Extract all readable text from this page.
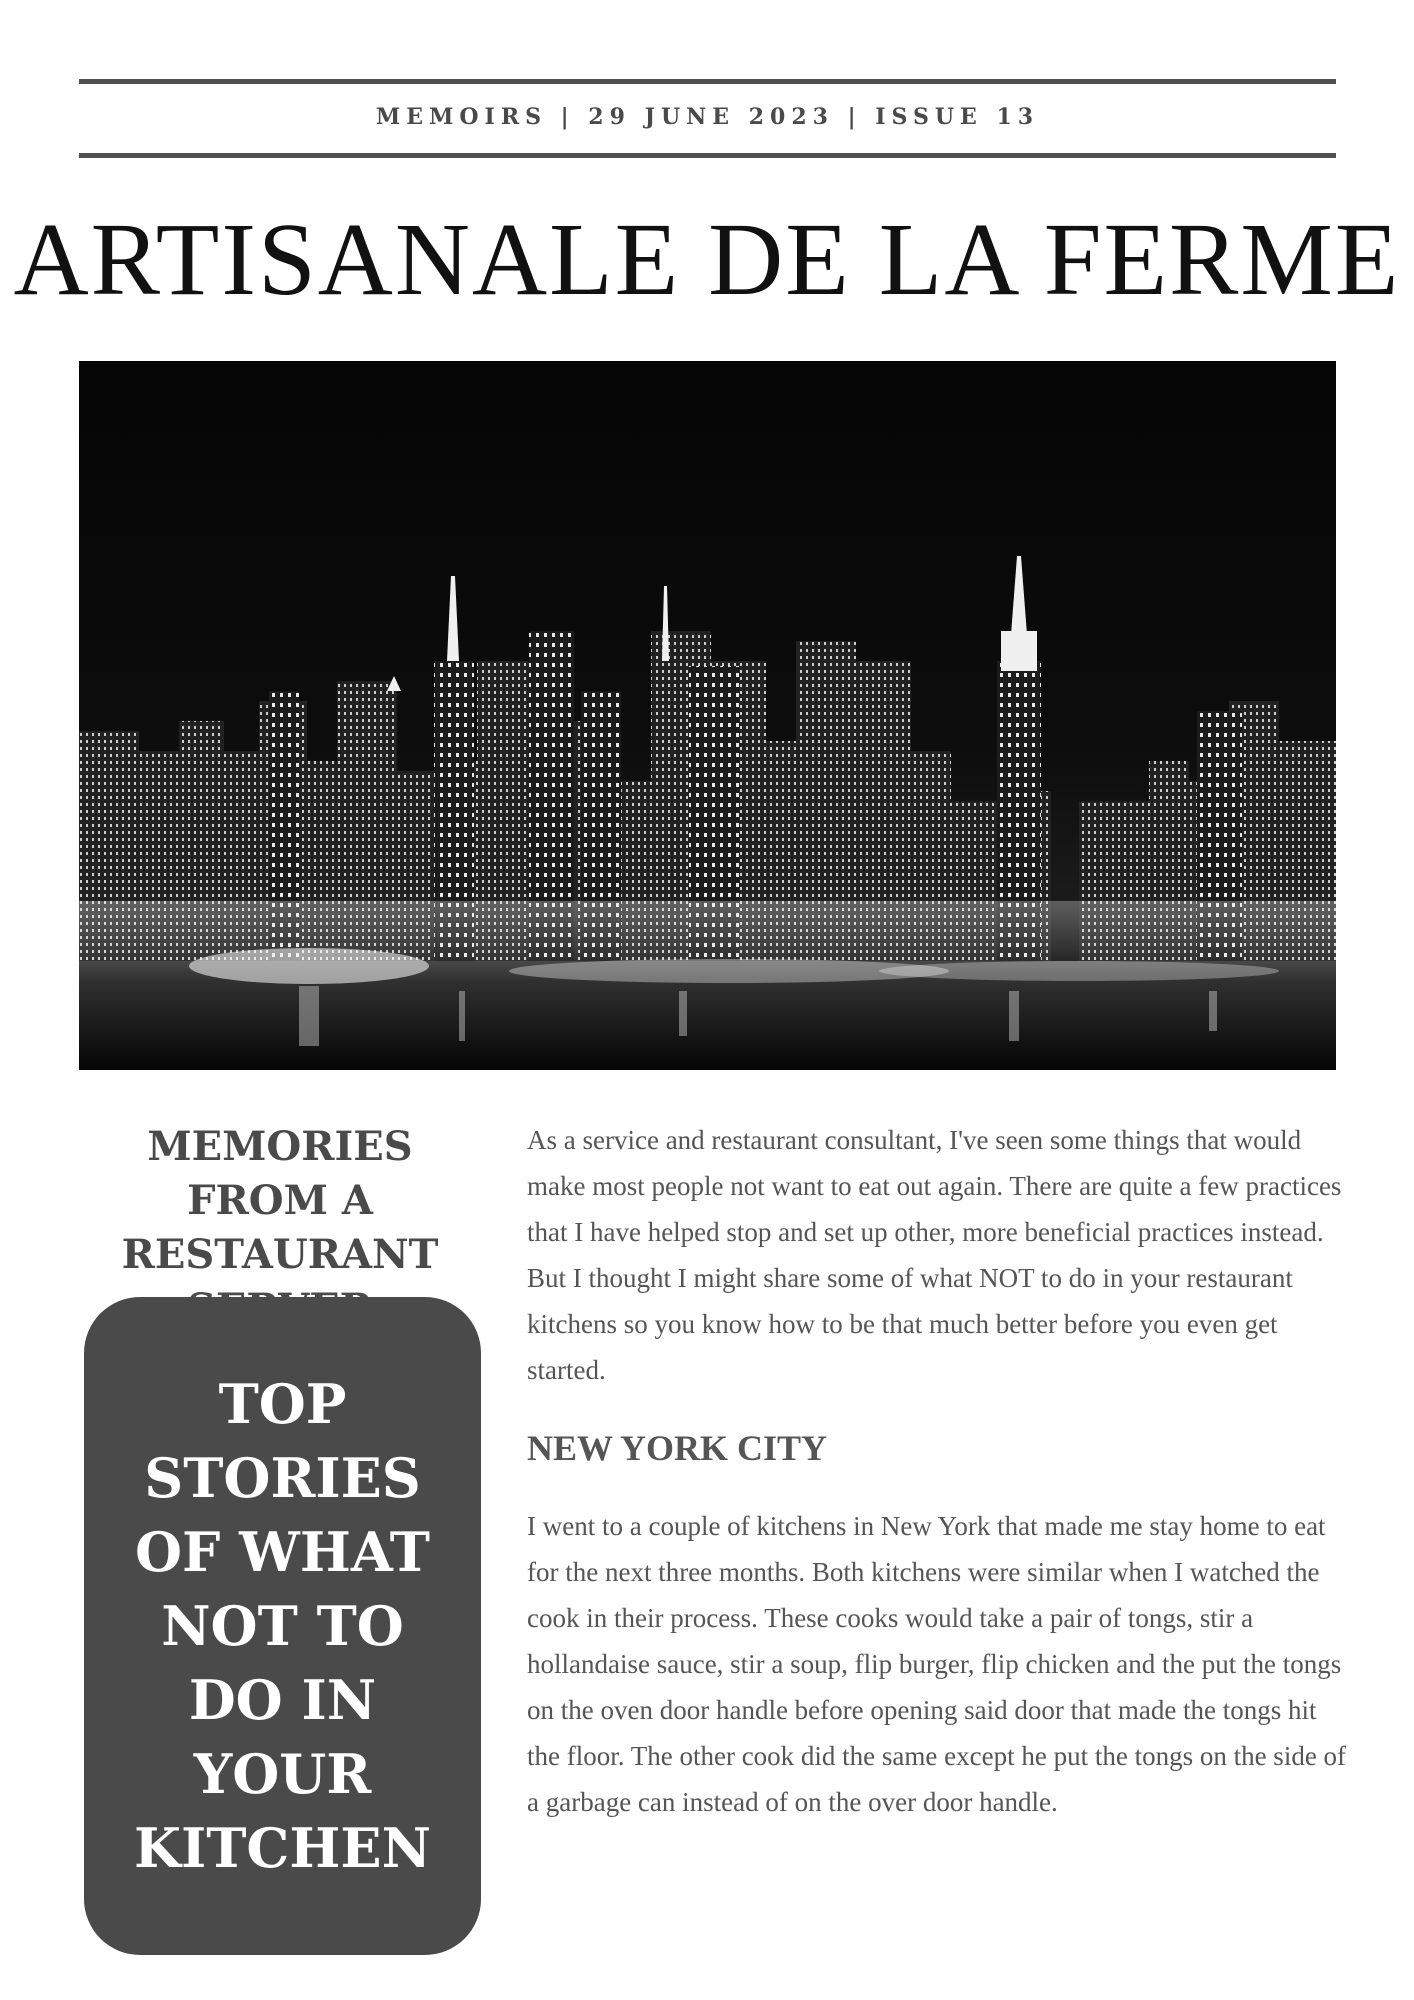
MEMOIRS | 29 JUNE 2023 | ISSUE 13
ARTISANALE DE LA FERME
MEMORIES FROM A RESTAURANT
TOP STORIES OF WHAT NOT TO DO IN YOUR KITCHEN

As a service and restaurant consultant, I've seen some things that would make most people not want to eat out again. There are quite a few practices that I have helped stop and set up other, more beneficial practices instead. But I thought I might share some of what NOT to do in your restaurant kitchens so you know how to be that much better before you even get started.

NEW YORK CITY

I went to a couple of kitchens in New York that made me stay home to eat for the next three months. Both kitchens were similar when I watched the cook in their process. These cooks would take a pair of tongs, stir a hollandaise sauce, stir a soup, flip burger, flip chicken and the put the tongs on the oven door handle before opening said door that made the tongs hit the floor. The other cook did the same except he put the tongs on the side of a garbage can instead of on the over door handle.
